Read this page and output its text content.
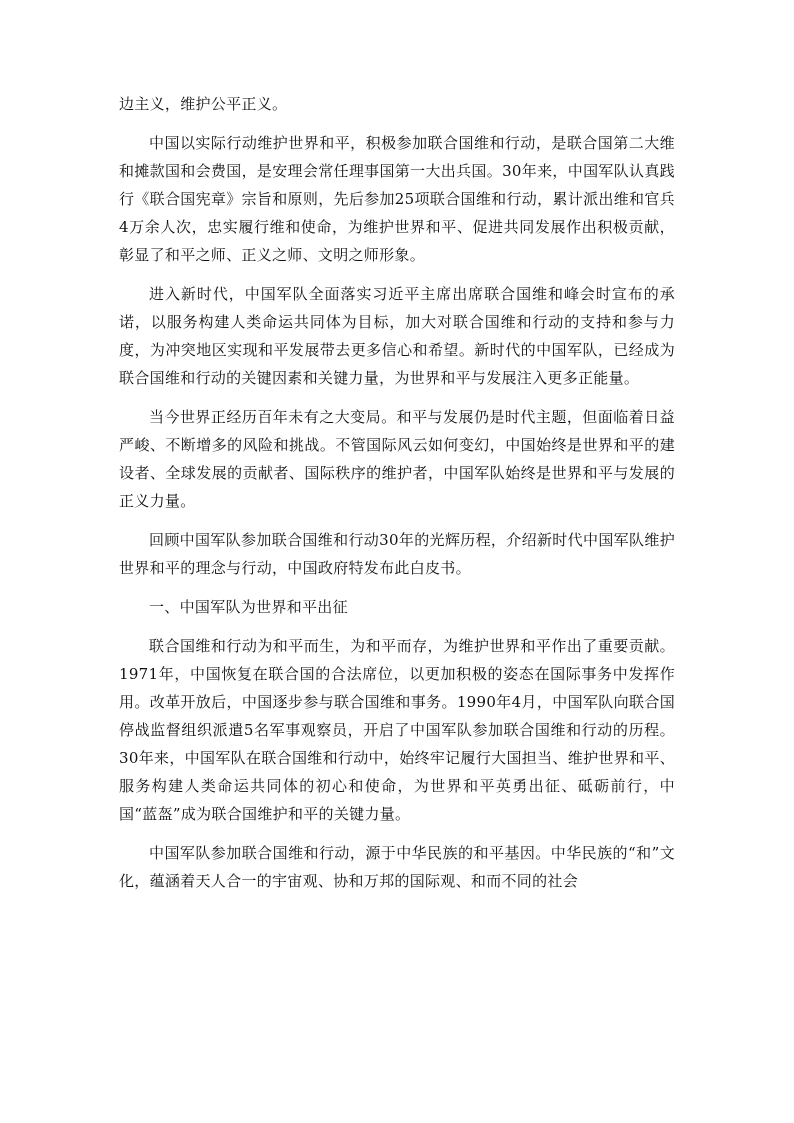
边主义，维护公平正义。

中国以实际行动维护世界和平，积极参加联合国维和行动，是联合国第二大维和摊款国和会费国，是安理会常任理事国第一大出兵国。30年来，中国军队认真践行《联合国宪章》宗旨和原则，先后参加25项联合国维和行动，累计派出维和官兵4万余人次，忠实履行维和使命，为维护世界和平、促进共同发展作出积极贡献，彰显了和平之师、正义之师、文明之师形象。

进入新时代，中国军队全面落实习近平主席出席联合国维和峰会时宣布的承诺，以服务构建人类命运共同体为目标，加大对联合国维和行动的支持和参与力度，为冲突地区实现和平发展带去更多信心和希望。新时代的中国军队，已经成为联合国维和行动的关键因素和关键力量，为世界和平与发展注入更多正能量。

当今世界正经历百年未有之大变局。和平与发展仍是时代主题，但面临着日益严峻、不断增多的风险和挑战。不管国际风云如何变幻，中国始终是世界和平的建设者、全球发展的贡献者、国际秩序的维护者，中国军队始终是世界和平与发展的正义力量。

回顾中国军队参加联合国维和行动30年的光辉历程，介绍新时代中国军队维护世界和平的理念与行动，中国政府特发布此白皮书。

一、中国军队为世界和平出征

联合国维和行动为和平而生，为和平而存，为维护世界和平作出了重要贡献。1971年，中国恢复在联合国的合法席位，以更加积极的姿态在国际事务中发挥作用。改革开放后，中国逐步参与联合国维和事务。1990年4月，中国军队向联合国停战监督组织派遣5名军事观察员，开启了中国军队参加联合国维和行动的历程。30年来，中国军队在联合国维和行动中，始终牢记履行大国担当、维护世界和平、服务构建人类命运共同体的初心和使命，为世界和平英勇出征、砥砺前行，中国“蓝盔”成为联合国维护和平的关键力量。

中国军队参加联合国维和行动，源于中华民族的和平基因。中华民族的“和”文化，蕴涵着天人合一的宇宙观、协和万邦的国际观、和而不同的社会
